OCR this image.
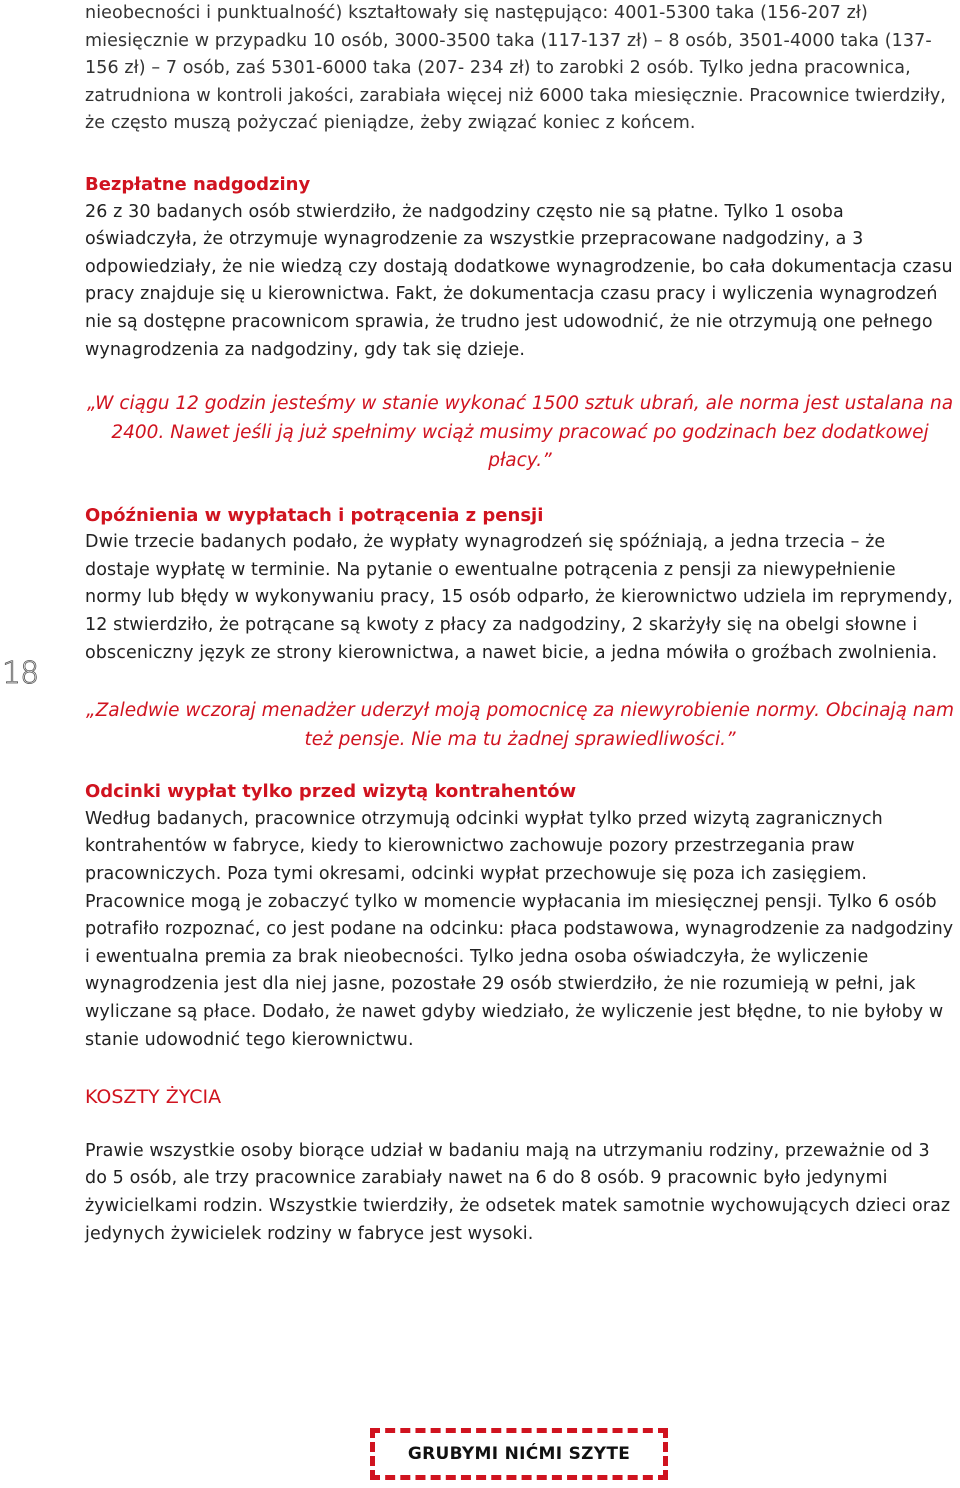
18

nieobecności i punktualność) kształtowały się następująco: 4001-5300 taka (156-207 zł) miesięcznie w przypadku 10 osób, 3000-3500 taka (117-137 zł) – 8 osób, 3501-4000 taka (137-156 zł) – 7 osób, zaś 5301-6000 taka (207- 234 zł) to zarobki 2 osób. Tylko jedna pracownica, zatrudniona w kontroli jakości, zarabiała więcej niż 6000 taka miesięcznie. Pracownice twierdziły, że często muszą pożyczać pieniądze, żeby związać koniec z końcem.

Bezpłatne nadgodziny

26 z 30 badanych osób stwierdziło, że nadgodziny często nie są płatne. Tylko 1 osoba oświadczyła, że otrzymuje wynagrodzenie za wszystkie przepracowane nadgodziny, a 3 odpowiedziały, że nie wiedzą czy dostają dodatkowe wynagrodzenie, bo cała dokumentacja czasu pracy znajduje się u kierownictwa. Fakt, że dokumentacja czasu pracy i wyliczenia wynagrodzeń nie są dostępne pracownicom sprawia, że trudno jest udowodnić, że nie otrzymują one pełnego wynagrodzenia za nadgodziny, gdy tak się dzieje.

„W ciągu 12 godzin jesteśmy w stanie wykonać 1500 sztuk ubrań, ale norma jest ustalana na 2400. Nawet jeśli ją już spełnimy wciąż musimy pracować po godzinach bez dodatkowej płacy.”

Opóźnienia w wypłatach i potrącenia z pensji

Dwie trzecie badanych podało, że wypłaty wynagrodzeń się spóźniają, a jedna trzecia – że dostaje wypłatę w terminie. Na pytanie o ewentualne potrącenia z pensji za niewypełnienie normy lub błędy w wykonywaniu pracy, 15 osób odparło, że kierownictwo udziela im reprymendy, 12 stwierdziło, że potrącane są kwoty z płacy za nadgodziny, 2 skarżyły się na obelgi słowne i obsceniczny język ze strony kierownictwa, a nawet bicie, a jedna mówiła o groźbach zwolnienia.

„Zaledwie wczoraj menadżer uderzył moją pomocnicę za niewyrobienie normy. Obcinają nam też pensje. Nie ma tu żadnej sprawiedliwości.”

Odcinki wypłat tylko przed wizytą kontrahentów

Według badanych, pracownice otrzymują odcinki wypłat tylko przed wizytą zagranicznych kontrahentów w fabryce, kiedy to kierownictwo zachowuje pozory przestrzegania praw pracowniczych. Poza tymi okresami, odcinki wypłat przechowuje się poza ich zasięgiem. Pracownice mogą je zobaczyć tylko w momencie wypłacania im miesięcznej pensji. Tylko 6 osób potrafiło rozpoznać, co jest podane na odcinku: płaca podstawowa, wynagrodzenie za nadgodziny i ewentualna premia za brak nieobecności. Tylko jedna osoba oświadczyła, że wyliczenie wynagrodzenia jest dla niej jasne, pozostałe 29 osób stwierdziło, że nie rozumieją w pełni, jak wyliczane są płace. Dodało, że nawet gdyby wiedziało, że wyliczenie jest błędne, to nie byłoby w stanie udowodnić tego kierownictwu.

KOSZTY ŻYCIA

Prawie wszystkie osoby biorące udział w badaniu mają na utrzymaniu rodziny, przeważnie od 3 do 5 osób, ale trzy pracownice zarabiały nawet na 6 do 8 osób. 9 pracownic było jedynymi żywicielkami rodzin. Wszystkie twierdziły, że odsetek matek samotnie wychowujących dzieci oraz jedynych żywicielek rodziny w fabryce jest wysoki.

GRUBYMI NIĆMI SZYTE
